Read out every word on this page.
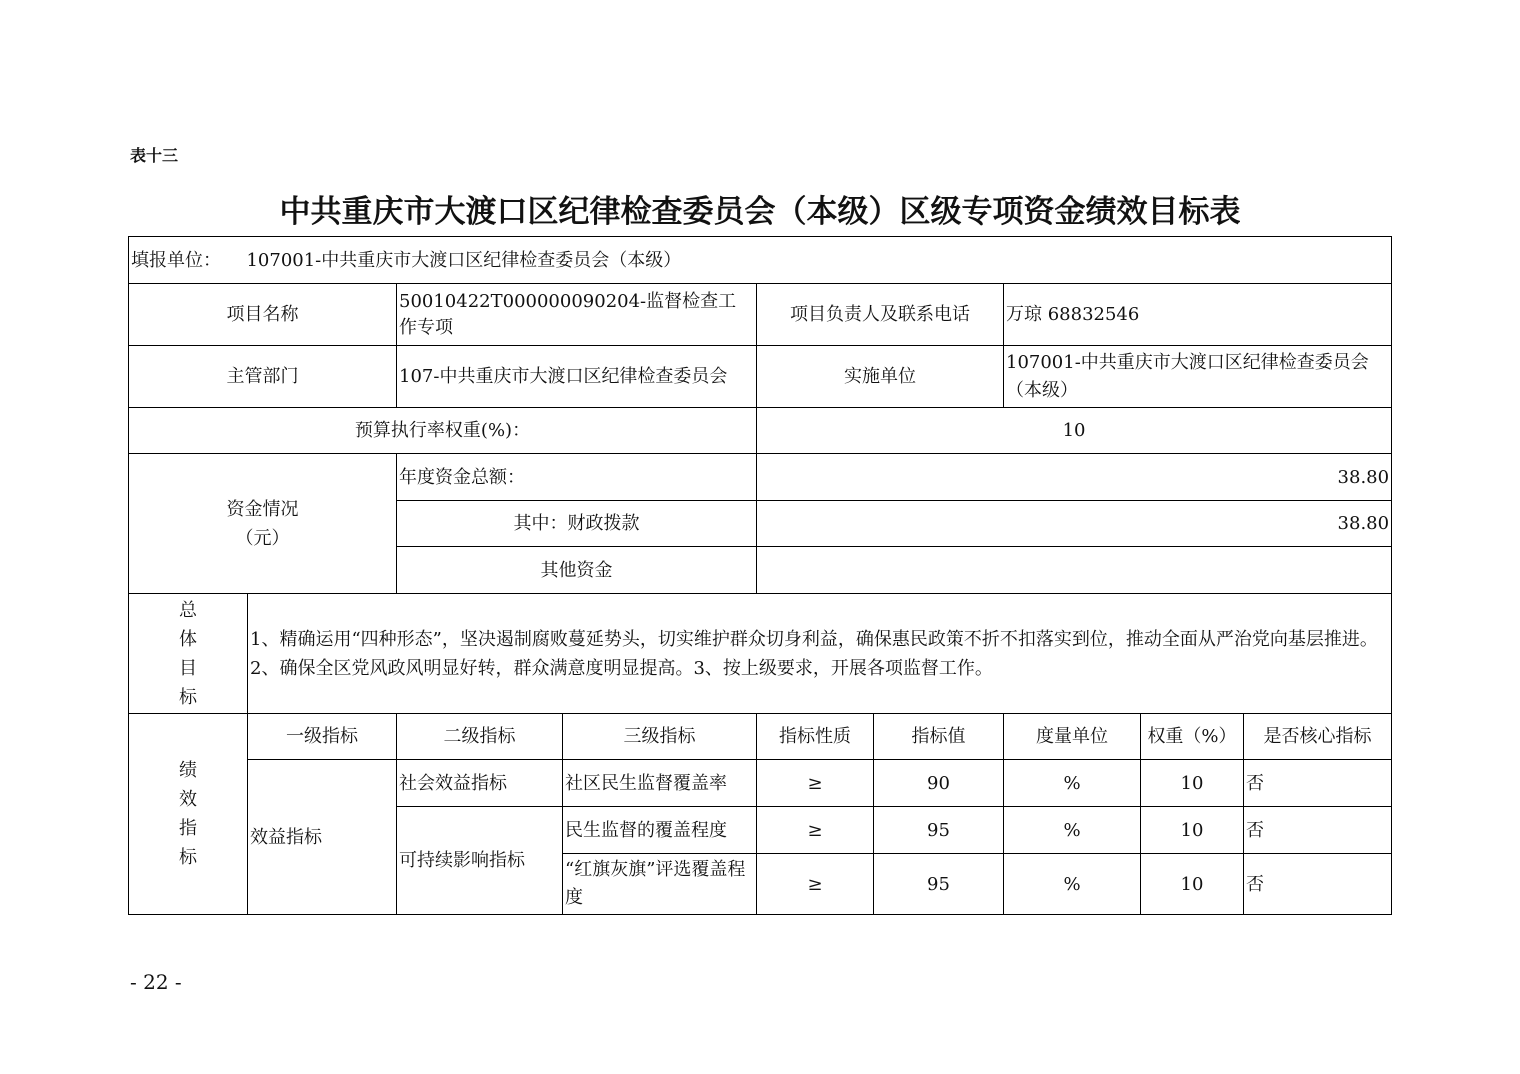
表十三
中共重庆市大渡口区纪律检查委员会（本级）区级专项资金绩效目标表
填报单位： 107001-中共重庆市大渡口区纪律检查委员会（本级）								
项目名称		50010422T000000090204-监督检查工作专项		项目负责人及联系电话		万琼 68832546		
主管部门		107-中共重庆市大渡口区纪律检查委员会		实施单位		107001-中共重庆市大渡口区纪律检查委员会（本级）		
预算执行率权重(%)：				10				
资金情况（元）		年度资金总额：		38.80				
		其中：财政拨款		38.80				
		其他资金						
总体目标	1、精确运用“四种形态”，坚决遏制腐败蔓延势头，切实维护群众切身利益，确保惠民政策不折不扣落实到位，推动全面从严治党向基层推进。2、确保全区党风政风明显好转，群众满意度明显提高。3、按上级要求，开展各项监督工作。							
绩效指标	一级指标	二级指标	三级指标	指标性质	指标值	度量单位	权重（%）	是否核心指标
	效益指标	社会效益指标	社区民生监督覆盖率	≥	90	%	10	否
		可持续影响指标	民生监督的覆盖程度	≥	95	%	10	否
			“红旗灰旗”评选覆盖程度	≥	95	%	10	否
- 22 -
